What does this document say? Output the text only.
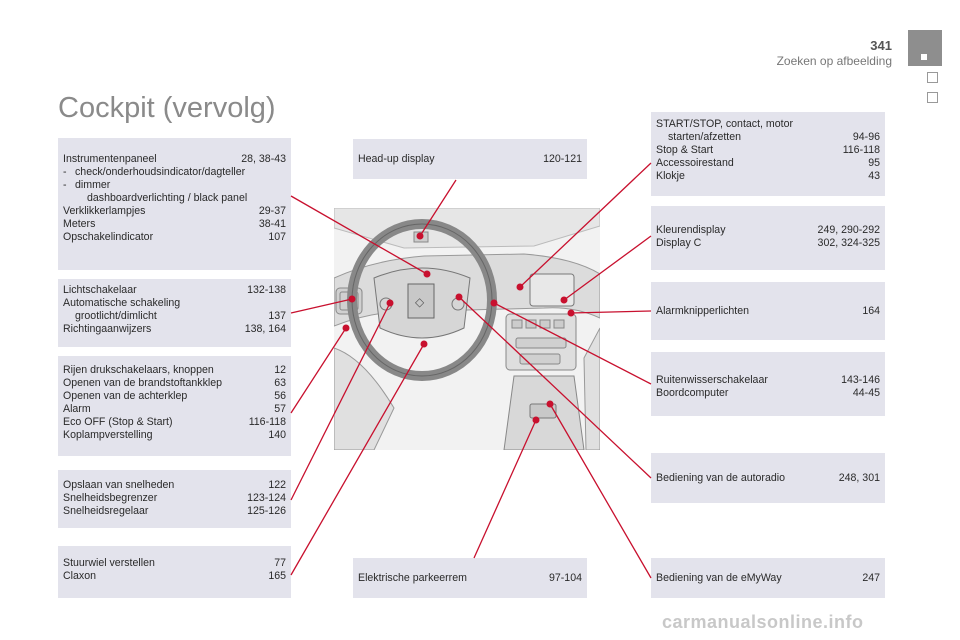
341
Zoeken op afbeelding
Cockpit (vervolg)
Instrumentenpaneel	28, 38-43
- check/onderhoudsindicator/dagteller
- dimmer
dashboardverlichting / black panel
Verklikkerlampjes	29-37
Meters	38-41
Opschakelindicator	107
Lichtschakelaar	132-138
Automatische schakeling
grootlicht/dimlicht	137
Richtingaanwijzers	138, 164
Rijen drukschakelaars, knoppen	12
Openen van de brandstoftankklep	63
Openen van de achterklep	56
Alarm	57
Eco OFF (Stop & Start)	116-118
Koplampverstelling	140
Opslaan van snelheden	122
Snelheidsbegrenzer	123-124
Snelheidsregelaar	125-126
Stuurwiel verstellen	77
Claxon	165
Head-up display	120-121
Elektrische parkeerrem	97-104
START/STOP, contact, motor
starten/afzetten	94-96
Stop & Start	116-118
Accessoirestand	95
Klokje	43
Kleurendisplay	249, 290-292
Display C	302, 324-325
Alarmknipperlichten	164
Ruitenwisserschakelaar	143-146
Boordcomputer	44-45
Bediening van de autoradio	248, 301
Bediening van de eMyWay	247
◇
carmanualsonline.info
